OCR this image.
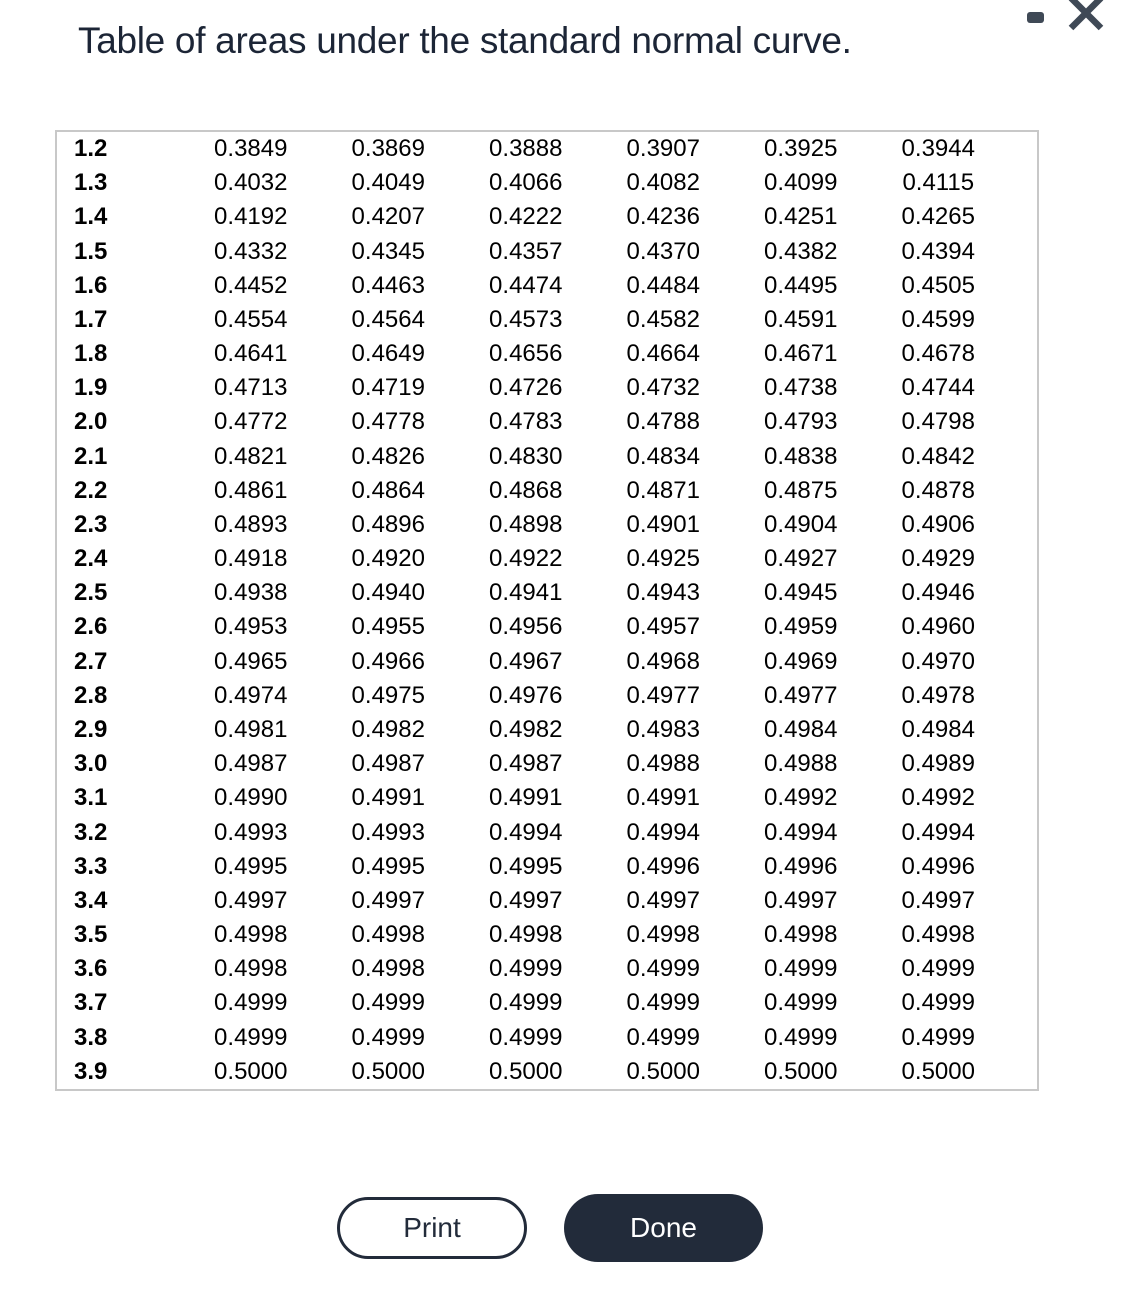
Table of areas under the standard normal curve.
1.2	0.3849	0.3869	0.3888	0.3907	0.3925	0.3944
1.3	0.4032	0.4049	0.4066	0.4082	0.4099	0.4115
1.4	0.4192	0.4207	0.4222	0.4236	0.4251	0.4265
1.5	0.4332	0.4345	0.4357	0.4370	0.4382	0.4394
1.6	0.4452	0.4463	0.4474	0.4484	0.4495	0.4505
1.7	0.4554	0.4564	0.4573	0.4582	0.4591	0.4599
1.8	0.4641	0.4649	0.4656	0.4664	0.4671	0.4678
1.9	0.4713	0.4719	0.4726	0.4732	0.4738	0.4744
2.0	0.4772	0.4778	0.4783	0.4788	0.4793	0.4798
2.1	0.4821	0.4826	0.4830	0.4834	0.4838	0.4842
2.2	0.4861	0.4864	0.4868	0.4871	0.4875	0.4878
2.3	0.4893	0.4896	0.4898	0.4901	0.4904	0.4906
2.4	0.4918	0.4920	0.4922	0.4925	0.4927	0.4929
2.5	0.4938	0.4940	0.4941	0.4943	0.4945	0.4946
2.6	0.4953	0.4955	0.4956	0.4957	0.4959	0.4960
2.7	0.4965	0.4966	0.4967	0.4968	0.4969	0.4970
2.8	0.4974	0.4975	0.4976	0.4977	0.4977	0.4978
2.9	0.4981	0.4982	0.4982	0.4983	0.4984	0.4984
3.0	0.4987	0.4987	0.4987	0.4988	0.4988	0.4989
3.1	0.4990	0.4991	0.4991	0.4991	0.4992	0.4992
3.2	0.4993	0.4993	0.4994	0.4994	0.4994	0.4994
3.3	0.4995	0.4995	0.4995	0.4996	0.4996	0.4996
3.4	0.4997	0.4997	0.4997	0.4997	0.4997	0.4997
3.5	0.4998	0.4998	0.4998	0.4998	0.4998	0.4998
3.6	0.4998	0.4998	0.4999	0.4999	0.4999	0.4999
3.7	0.4999	0.4999	0.4999	0.4999	0.4999	0.4999
3.8	0.4999	0.4999	0.4999	0.4999	0.4999	0.4999
3.9	0.5000	0.5000	0.5000	0.5000	0.5000	0.5000
Print	Done
